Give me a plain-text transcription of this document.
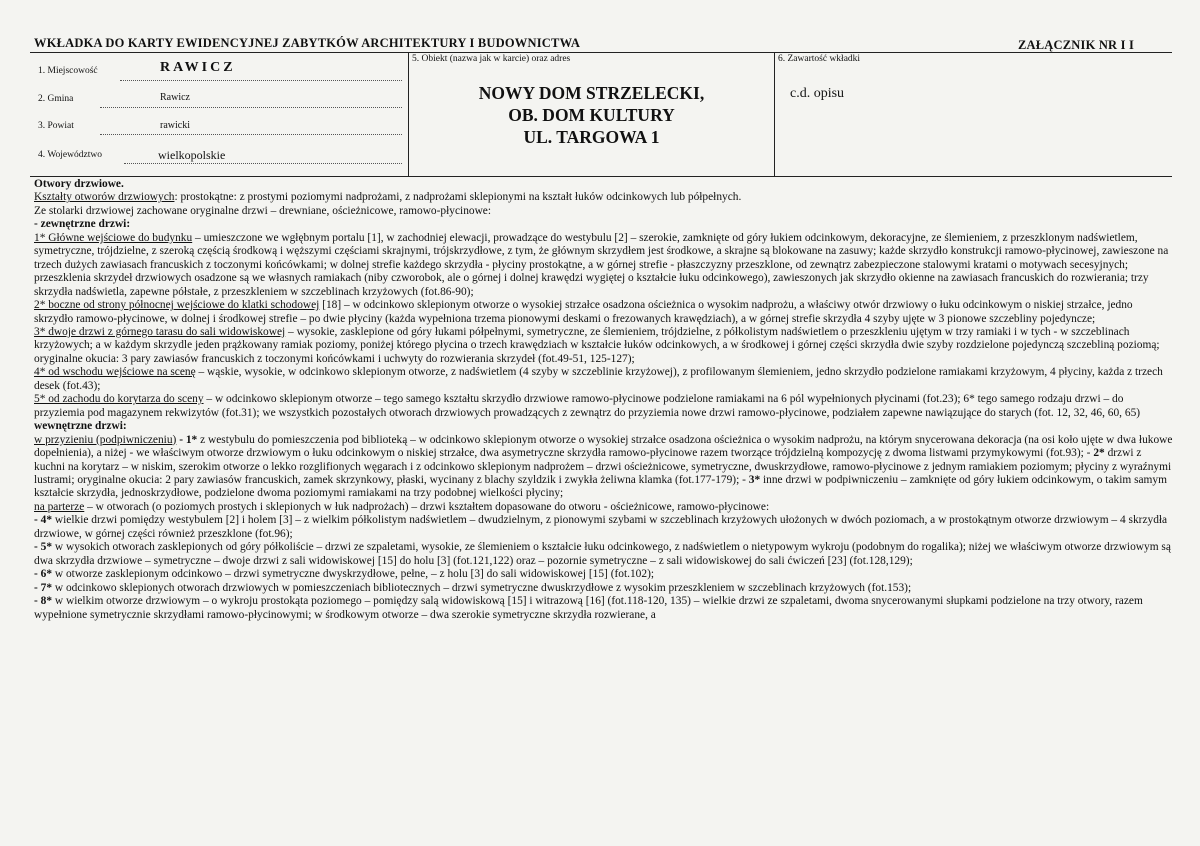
WKŁADKA DO KARTY EWIDENCYJNEJ ZABYTKÓW ARCHITEKTURY I BUDOWNICTWA	ZAŁĄCZNIK NR I I
1. Miejscowość	RAWICZ
2. Gmina	Rawicz
3. Powiat	rawicki
4. Województwo	wielkopolskie
5. Obiekt (nazwa jak w karcie) oraz adres
NOWY DOM STRZELECKI,
OB. DOM KULTURY
UL. TARGOWA 1
6. Zawartość wkładki
c.d. opisu

Otwory drzwiowe.

Kształty otworów drzwiowych: prostokątne: z prostymi poziomymi nadprożami, z nadprożami sklepionymi na kształt łuków odcinkowych lub półpełnych.

Ze stolarki drzwiowej zachowane oryginalne drzwi – drewniane, ościeżnicowe, ramowo-płycinowe:

- zewnętrzne drzwi:

1* Główne wejściowe do budynku – umieszczone we wgłębnym portalu [1], w zachodniej elewacji, prowadzące do westybulu [2] – szerokie, zamknięte od góry łukiem odcinkowym, dekoracyjne, ze ślemieniem, z przeszklonym nadświetlem, symetryczne, trójdzielne, z szeroką częścią środkową i węższymi częściami skrajnymi, trójskrzydłowe, z tym, że głównym skrzydłem jest środkowe, a skrajne są blokowane na zasuwy; każde skrzydło konstrukcji ramowo-płycinowej, zawieszone na trzech dużych zawiasach francuskich z toczonymi końcówkami; w dolnej strefie każdego skrzydła - płyciny prostokątne, a w górnej strefie - płaszczyzny przeszklone, od zewnątrz zabezpieczone stalowymi kratami o motywach secesyjnych; przeszklenia skrzydeł drzwiowych osadzone są we własnych ramiakach (niby czworobok, ale o górnej i dolnej krawędzi wygiętej o kształcie łuku odcinkowego), zawieszonych jak skrzydło okienne na zawiasach francuskich do rozwierania; trzy skrzydła nadświetla, zapewne półstałe, z przeszkleniem w szczeblinach krzyżowych (fot.86-90);

2* boczne od strony północnej wejściowe do klatki schodowej [18] – w odcinkowo sklepionym otworze o wysokiej strzałce osadzona ościeżnica o wysokim nadprożu, a właściwy otwór drzwiowy o łuku odcinkowym o niskiej strzałce, jedno skrzydło ramowo-płycinowe, w dolnej i środkowej strefie – po dwie płyciny (każda wypełniona trzema pionowymi deskami o frezowanych krawędziach), a w górnej strefie skrzydła 4 szyby ujęte w 3 pionowe szczebliny pojedyncze;

3* dwoje drzwi z górnego tarasu do sali widowiskowej – wysokie, zasklepione od góry łukami półpełnymi, symetryczne, ze ślemieniem, trójdzielne, z półkolistym nadświetlem o przeszkleniu ujętym w trzy ramiaki i w tych - w szczeblinach krzyżowych; a w każdym skrzydle jeden prążkowany ramiak poziomy, poniżej którego płycina o trzech krawędziach w kształcie łuków odcinkowych, a w środkowej i górnej części skrzydła dwie szyby rozdzielone pojedynczą szczebliną poziomą; oryginalne okucia: 3 pary zawiasów francuskich z toczonymi końcówkami i uchwyty do rozwierania skrzydeł (fot.49-51, 125-127);

4* od wschodu wejściowe na scenę – wąskie, wysokie, w odcinkowo sklepionym otworze, z nadświetlem (4 szyby w szczeblinie krzyżowej), z profilowanym ślemieniem, jedno skrzydło podzielone ramiakami krzyżowym, 4 płyciny, każda z trzech desek (fot.43);

5* od zachodu do korytarza do sceny – w odcinkowo sklepionym otworze – tego samego kształtu skrzydło drzwiowe ramowo-płycinowe podzielone ramiakami na 6 pól wypełnionych płycinami (fot.23); 6* tego samego rodzaju drzwi – do przyziemia pod magazynem rekwizytów (fot.31); we wszystkich pozostałych otworach drzwiowych prowadzących z zewnątrz do przyziemia nowe drzwi ramowo-płycinowe, podziałem zapewne nawiązujące do starych (fot. 12, 32, 46, 60, 65)

wewnętrzne drzwi:

w przyzieniu (podpiwniczeniu) - 1* z westybulu do pomieszczenia pod biblioteką – w odcinkowo sklepionym otworze o wysokiej strzałce osadzona ościeżnica o wysokim nadprożu, na którym snycerowana dekoracja (na osi koło ujęte w dwa łukowe dopełnienia), a niżej - we właściwym otworze drzwiowym o łuku odcinkowym o niskiej strzałce, dwa asymetryczne skrzydła ramowo-płycinowe razem tworzące trójdzielną kompozycję z dwoma listwami przymykowymi (fot.93); - 2* drzwi z kuchni na korytarz – w niskim, szerokim otworze o lekko rozglifionych węgarach i z odcinkowo sklepionym nadprożem – drzwi ościeżnicowe, symetryczne, dwuskrzydłowe, ramowo-płycinowe z jednym ramiakiem poziomym; płyciny z wyraźnymi lustrami; oryginalne okucia: 2 pary zawiasów francuskich, zamek skrzynkowy, płaski, wycinany z blachy szyldzik i zwykła żeliwna klamka (fot.177-179); - 3* inne drzwi w podpiwniczeniu – zamknięte od góry łukiem odcinkowym, o takim samym kształcie skrzydła, jednoskrzydłowe, podzielone dwoma poziomymi ramiakami na trzy podobnej wielkości płyciny;

na parterze – w otworach (o poziomych prostych i sklepionych w łuk nadprożach) – drzwi kształtem dopasowane do otworu - ościeżnicowe, ramowo-płycinowe:

- 4* wielkie drzwi pomiędzy westybulem [2] i holem [3] – z wielkim półkolistym nadświetlem – dwudzielnym, z pionowymi szybami w szczeblinach krzyżowych ułożonych w dwóch poziomach, a w prostokątnym otworze drzwiowym – 4 skrzydła drzwiowe, w górnej części również przeszklone (fot.96);

- 5* w wysokich otworach zasklepionych od góry półkoliście – drzwi ze szpaletami, wysokie, ze ślemieniem o kształcie łuku odcinkowego, z nadświetlem o nietypowym wykroju (podobnym do rogalika); niżej we właściwym otworze drzwiowym są dwa skrzydła drzwiowe – symetryczne – dwoje drzwi z sali widowiskowej [15] do holu [3] (fot.121,122) oraz – pozornie symetryczne – z sali widowiskowej do sali ćwiczeń [23] (fot.128,129);

- 6* w otworze zasklepionym odcinkowo – drzwi symetryczne dwyskrzydłowe, pełne, – z holu [3] do sali widowiskowej [15] (fot.102);

- 7* w odcinkowo sklepionych otworach drzwiowych w pomieszczeniach bibliotecznych – drzwi symetryczne dwuskrzydłowe z wysokim przeszkleniem w szczeblinach krzyżowych (fot.153);

- 8* w wielkim otworze drzwiowym – o wykroju prostokąta poziomego – pomiędzy salą widowiskową [15] i witrazową [16] (fot.118-120, 135) – wielkie drzwi ze szpaletami, dwoma snycerowanymi słupkami podzielone na trzy otwory, razem wypełnione symetrycznie skrzydłami ramowo-płycinowymi; w środkowym otworze – dwa szerokie symetryczne skrzydła rozwierane, a
